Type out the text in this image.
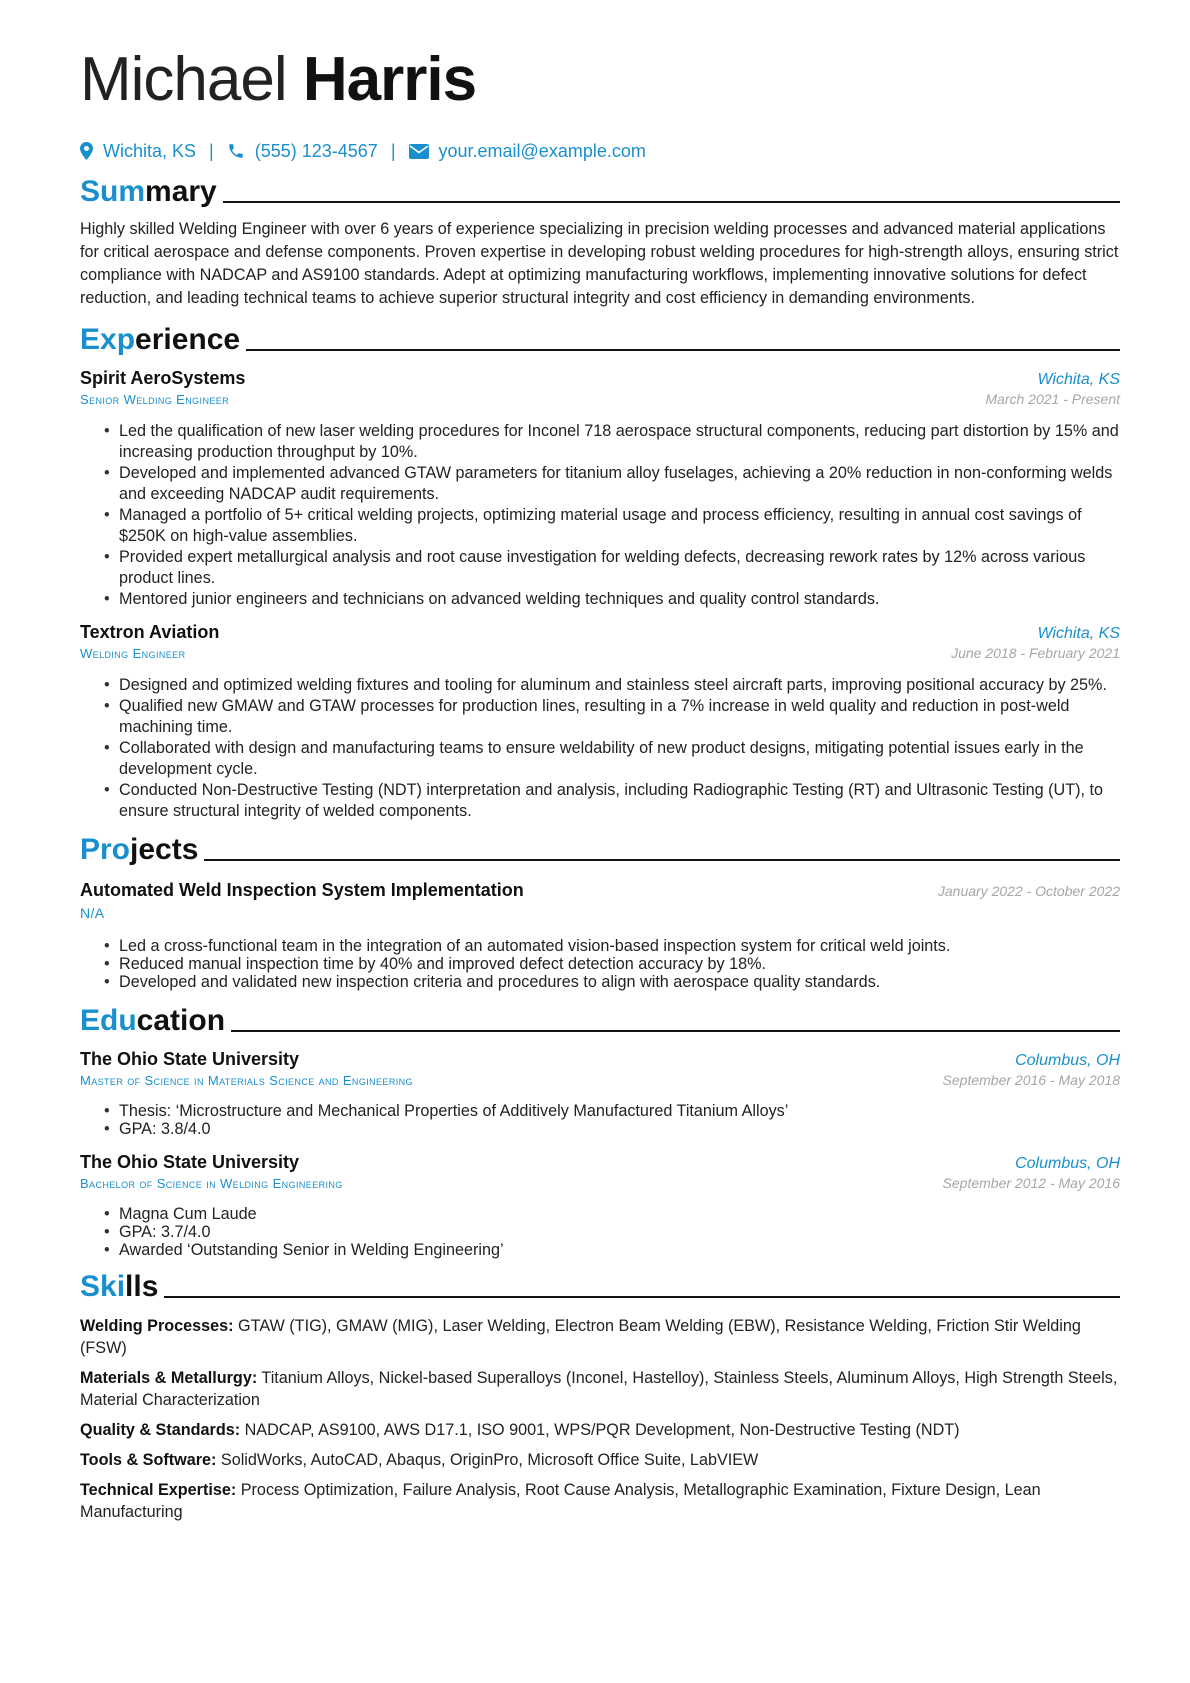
Michael Harris
Wichita, KS | (555) 123-4567 | your.email@example.com
Summary

Highly skilled Welding Engineer with over 6 years of experience specializing in precision welding processes and advanced material applications for critical aerospace and defense components. Proven expertise in developing robust welding procedures for high-strength alloys, ensuring strict compliance with NADCAP and AS9100 standards. Adept at optimizing manufacturing workflows, implementing innovative solutions for defect reduction, and leading technical teams to achieve superior structural integrity and cost efficiency in demanding environments.

Experience
Spirit AeroSystems	Wichita, KS
Senior Welding Engineer	March 2021 - Present
• Led the qualification of new laser welding procedures for Inconel 718 aerospace structural components, reducing part distortion by 15% and increasing production throughput by 10%.
• Developed and implemented advanced GTAW parameters for titanium alloy fuselages, achieving a 20% reduction in non-conforming welds and exceeding NADCAP audit requirements.
• Managed a portfolio of 5+ critical welding projects, optimizing material usage and process efficiency, resulting in annual cost savings of $250K on high-value assemblies.
• Provided expert metallurgical analysis and root cause investigation for welding defects, decreasing rework rates by 12% across various product lines.
• Mentored junior engineers and technicians on advanced welding techniques and quality control standards.
Textron Aviation	Wichita, KS
Welding Engineer	June 2018 - February 2021
• Designed and optimized welding fixtures and tooling for aluminum and stainless steel aircraft parts, improving positional accuracy by 25%.
• Qualified new GMAW and GTAW processes for production lines, resulting in a 7% increase in weld quality and reduction in post-weld machining time.
• Collaborated with design and manufacturing teams to ensure weldability of new product designs, mitigating potential issues early in the development cycle.
• Conducted Non-Destructive Testing (NDT) interpretation and analysis, including Radiographic Testing (RT) and Ultrasonic Testing (UT), to ensure structural integrity of welded components.
Projects
Automated Weld Inspection System Implementation	January 2022 - October 2022
N/A
• Led a cross-functional team in the integration of an automated vision-based inspection system for critical weld joints.
• Reduced manual inspection time by 40% and improved defect detection accuracy by 18%.
• Developed and validated new inspection criteria and procedures to align with aerospace quality standards.
Education
The Ohio State University	Columbus, OH
Master of Science in Materials Science and Engineering	September 2016 - May 2018
• Thesis: ‘Microstructure and Mechanical Properties of Additively Manufactured Titanium Alloys’
• GPA: 3.8/4.0
The Ohio State University	Columbus, OH
Bachelor of Science in Welding Engineering	September 2012 - May 2016
• Magna Cum Laude
• GPA: 3.7/4.0
• Awarded ‘Outstanding Senior in Welding Engineering’
Skills

Welding Processes: GTAW (TIG), GMAW (MIG), Laser Welding, Electron Beam Welding (EBW), Resistance Welding, Friction Stir Welding (FSW)

Materials & Metallurgy: Titanium Alloys, Nickel-based Superalloys (Inconel, Hastelloy), Stainless Steels, Aluminum Alloys, High Strength Steels, Material Characterization

Quality & Standards: NADCAP, AS9100, AWS D17.1, ISO 9001, WPS/PQR Development, Non-Destructive Testing (NDT)

Tools & Software: SolidWorks, AutoCAD, Abaqus, OriginPro, Microsoft Office Suite, LabVIEW

Technical Expertise: Process Optimization, Failure Analysis, Root Cause Analysis, Metallographic Examination, Fixture Design, Lean Manufacturing
